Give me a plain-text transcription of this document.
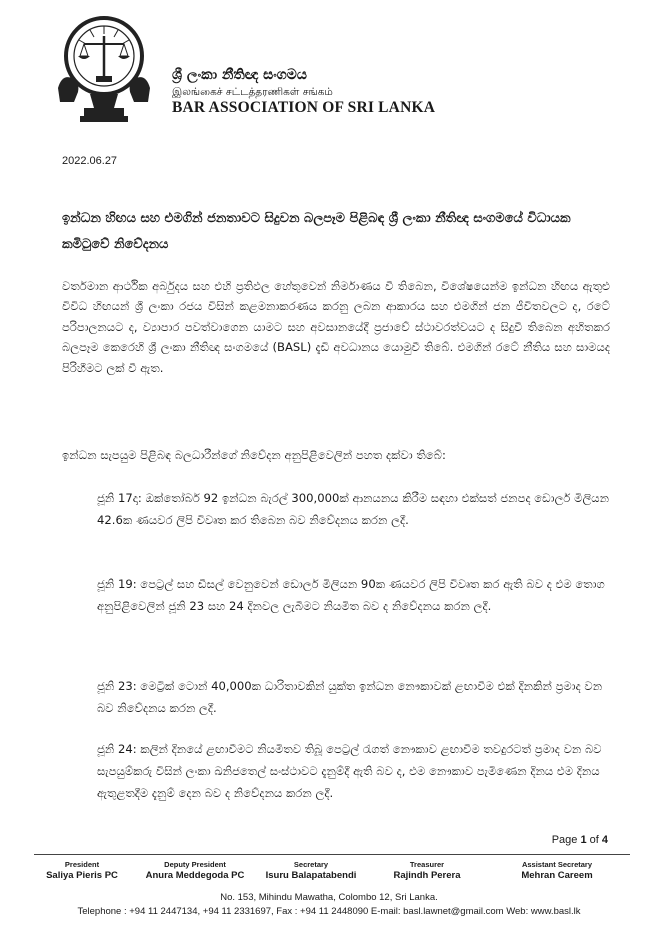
ශ්‍රී ලංකා නීතිඥ සංගමය
இலங்கைச் சட்டத்தரணிகள் சங்கம்
BAR ASSOCIATION OF SRI LANKA
2022.06.27
ඉන්ධන හිඟය සහ එමගින් ජනතාවට සිදුවන බලපෑම පිළිබඳ ශ්‍රී ලංකා නීතිඥ සංගමයේ විධායක කමිටුවේ නිවේදනය
වර්තමාන ආර්ථික අර්බුදය සහ එහි ප්‍රතිඵල හේතුවෙන් නිර්මාණය වී තිබෙන, විශේෂයෙන්ම ඉන්ධන හිඟය ඇතුළු විවිධ හිඟයන් ශ්‍රී ලංකා රජය විසින් කළමනාකරණය කරනු ලබන ආකාරය සහ එමගින් ජන ජීවිතවලට ද, රටේ පරිපාලනයට ද, ව්‍යාපාර පවත්වාගෙන යාමට සහ අවසානයේදී ප්‍රජාවේ ස්ථාවරත්වයට ද සිදුවී තිබෙන අහිතකර බලපෑම කෙරෙහි ශ්‍රී ලංකා නීතිඥ සංගමයේ (BASL) දැඩි අවධානය යොමුවී තිබේ. එමගින් රටේ නීතිය සහ සාමයද පිරිහීමට ලක් වී ඇත.
ඉන්ධන සැපයුම පිළිබඳ බලධාරීන්ගේ නිවේදන අනුපිළිවෙලින් පහත දක්වා තිබේ:
ජූනි 17දා: ඔක්තෝබර් 92 ඉන්ධන බැරල් 300,000ක් ආනයනය කිරීම සඳහා එක්සත් ජනපද ඩොලර් මිලියන 42.6ක ණයවර ලිපි විවෘත කර තිබෙන බව නිවේදනය කරන ලදී.
ජූනි 19: පෙට්‍රල් සහ ඩීසල් වෙනුවෙන් ඩොලර් මිලියන 90ක ණයවර ලිපි විවෘත කර ඇති බව ද එම තොග අනුපිළිවෙලින් ජූනි 23 සහ 24 දිනවල ලැබීමට නියමිත බව ද නිවේදනය කරන ලදී.
ජූනි 23: මෙට්‍රික් ටොන් 40,000ක ධාරිතාවකින් යුක්ත ඉන්ධන නෞකාවක් ළඟාවීම එක් දිනකින් ප්‍රමාද වන බව නිවේදනය කරන ලදී.
ජූනි 24: කලින් දිනයේ ළඟාවීමට නියමිතව තිබූ පෙට්‍රල් රැගත් නෞකාව ළඟාවීම තවදුරටත් ප්‍රමාද වන බව සැපයුම්කරු විසින් ලංකා ඛනිජතෙල් සංස්ථාවට දැනුම්දී ඇති බව ද, එම නෞකාව පැමිණෙන දිනය එම දිනය ඇතුළතදීම දැනුම් දෙන බව ද නිවේදනය කරන ලදී.
Page 1 of 4
President
Saliya Pieris PC
Deputy President
Anura Meddegoda PC
Secretary
Isuru Balapatabendi
Treasurer
Rajindh Perera
Assistant Secretary
Mehran Careem
No. 153, Mihindu Mawatha, Colombo 12, Sri Lanka.
Telephone : +94 11 2447134, +94 11 2331697, Fax : +94 11 2448090 E-mail: basl.lawnet@gmail.com Web: www.basl.lk
